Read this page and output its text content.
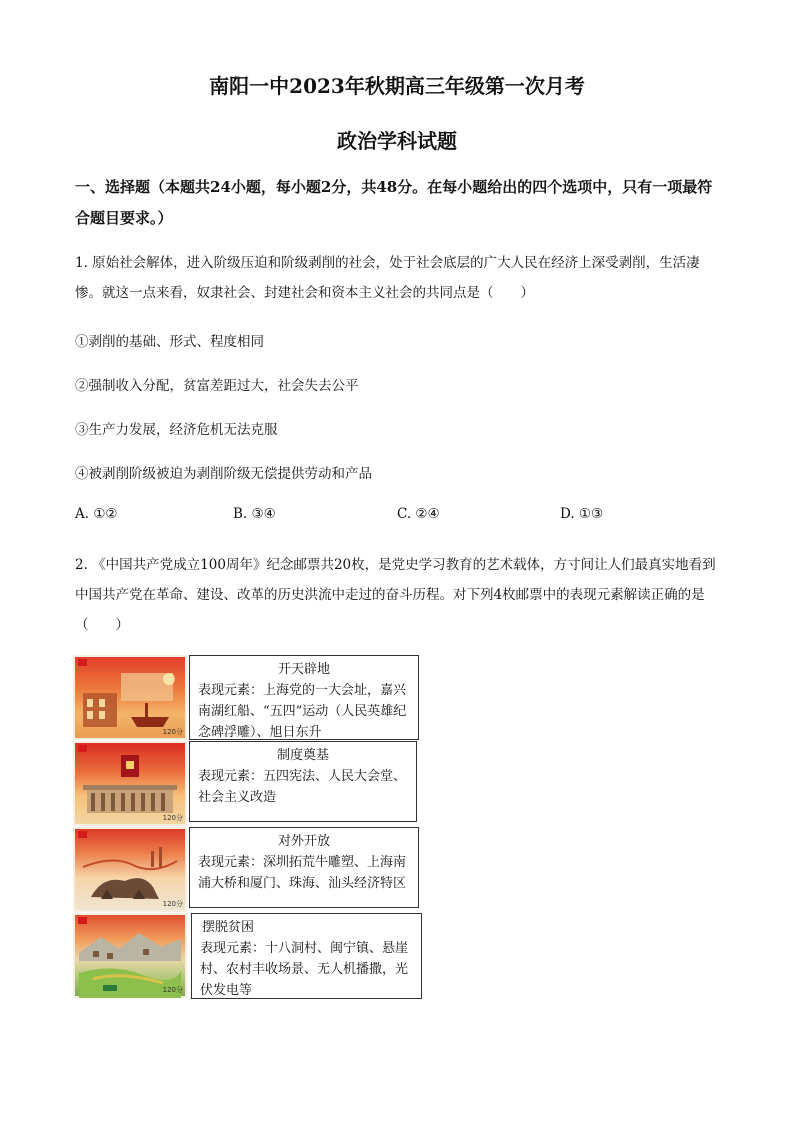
南阳一中2023年秋期高三年级第一次月考
政治学科试题
一、选择题（本题共24小题，每小题2分，共48分。在每小题给出的四个选项中，只有一项最符合题目要求。）
1. 原始社会解体，进入阶级压迫和阶级剥削的社会，处于社会底层的广大人民在经济上深受剥削，生活凄惨。就这一点来看，奴隶社会、封建社会和资本主义社会的共同点是（　　）
①剥削的基础、形式、程度相同
②强制收入分配，贫富差距过大，社会失去公平
③生产力发展，经济危机无法克服
④被剥削阶级被迫为剥削阶级无偿提供劳动和产品
A. ①②	B. ③④	C. ②④	D. ①③
2. 《中国共产党成立100周年》纪念邮票共20枚，是党史学习教育的艺术载体，方寸间让人们最真实地看到中国共产党在革命、建设、改革的历史洪流中走过的奋斗历程。对下列4枚邮票中的表现元素解读正确的是（　　）
120分
开天辟地
表现元素：上海党的一大会址，嘉兴南湖红船、“五四”运动（人民英雄纪念碑浮雕）、旭日东升
120分
制度奠基
表现元素：五四宪法、人民大会堂、社会主义改造
120分
对外开放
表现元素：深圳拓荒牛雕塑、上海南浦大桥和厦门、珠海、汕头经济特区
120分
摆脱贫困
表现元素：十八洞村、闽宁镇、悬崖村、农村丰收场景、无人机播撒，光伏发电等
